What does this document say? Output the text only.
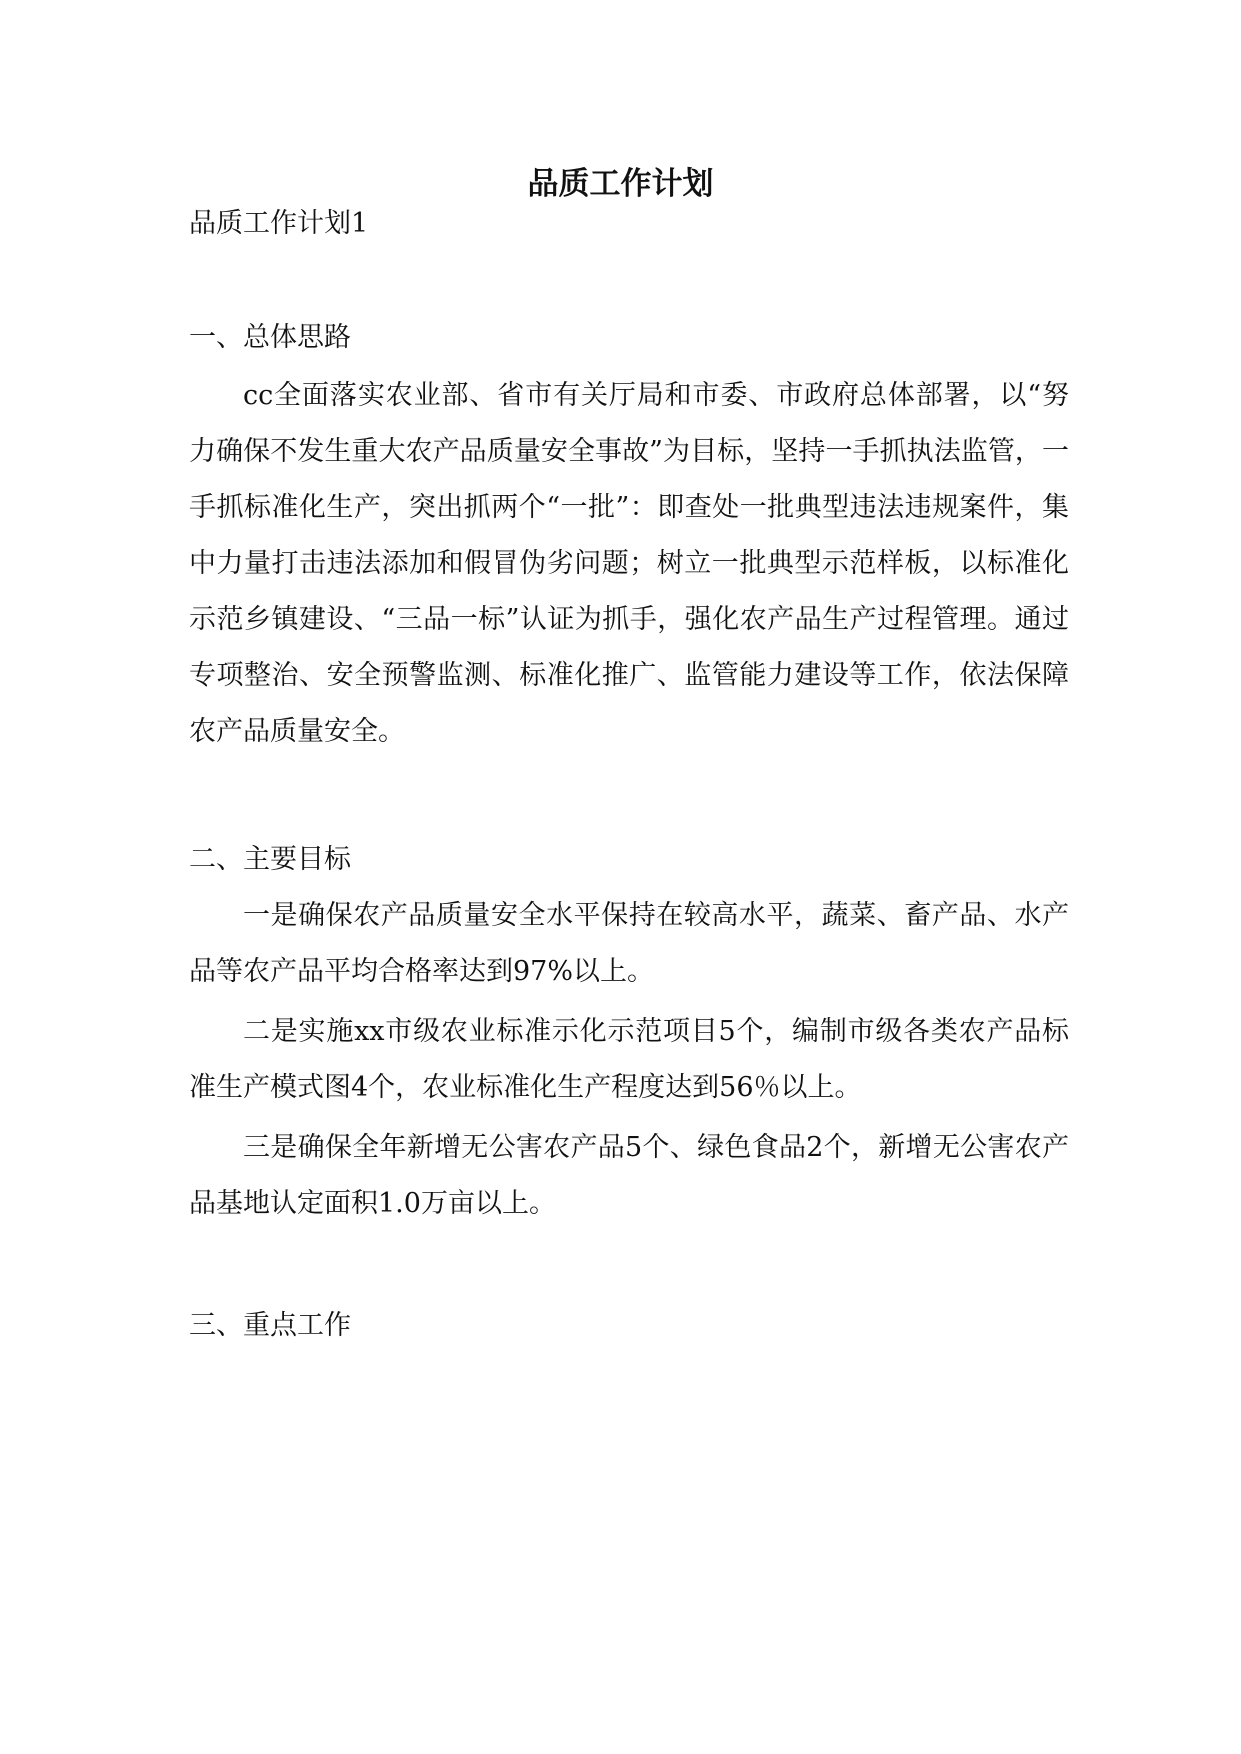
品质工作计划

品质工作计划1

一、总体思路

cc全面落实农业部、省市有关厅局和市委、市政府总体部署，以“努力确保不发生重大农产品质量安全事故”为目标，坚持一手抓执法监管，一手抓标准化生产，突出抓两个“一批”：即查处一批典型违法违规案件，集中力量打击违法添加和假冒伪劣问题；树立一批典型示范样板，以标准化示范乡镇建设、“三品一标”认证为抓手，强化农产品生产过程管理。通过专项整治、安全预警监测、标准化推广、监管能力建设等工作，依法保障农产品质量安全。

二、主要目标

一是确保农产品质量安全水平保持在较高水平，蔬菜、畜产品、水产品等农产品平均合格率达到97%以上。

二是实施xx市级农业标准示化示范项目5个，编制市级各类农产品标准生产模式图4个，农业标准化生产程度达到56％以上。

三是确保全年新增无公害农产品5个、绿色食品2个，新增无公害农产品基地认定面积1.0万亩以上。

三、重点工作
